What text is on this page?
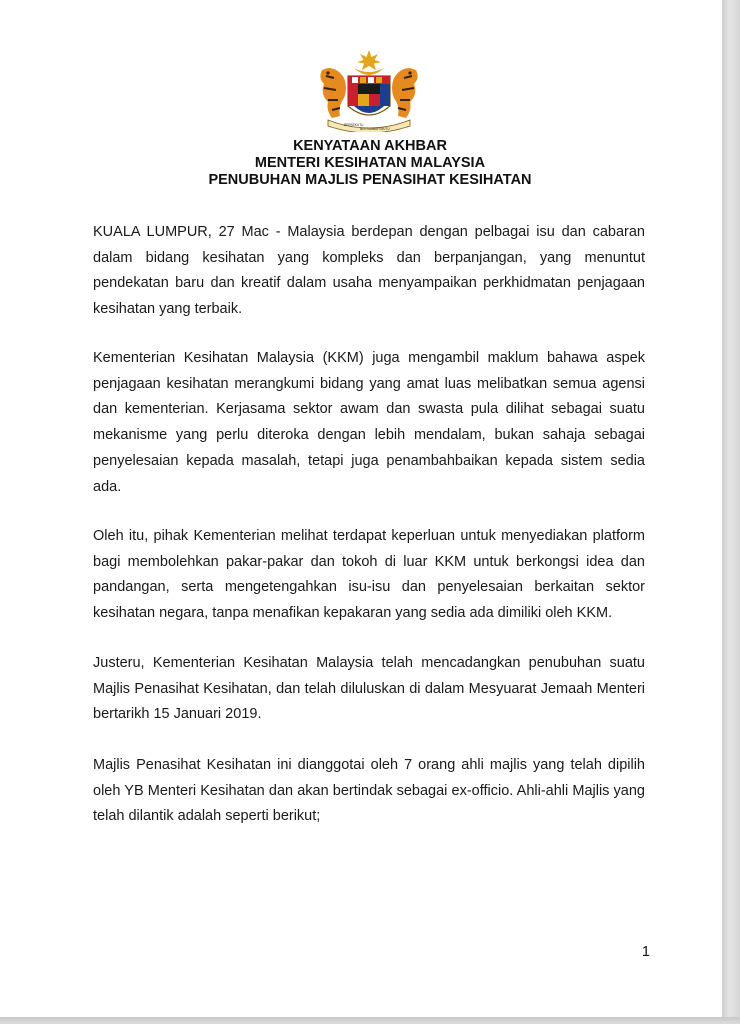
BERSEKUTU
BERTAMBAH MUTU

KENYATAAN AKHBAR

MENTERI KESIHATAN MALAYSIA

PENUBUHAN MAJLIS PENASIHAT KESIHATAN

KUALA LUMPUR, 27 Mac - Malaysia berdepan dengan pelbagai isu dan cabaran dalam bidang kesihatan yang kompleks dan berpanjangan, yang menuntut pendekatan baru dan kreatif dalam usaha menyampaikan perkhidmatan penjagaan kesihatan yang terbaik.

Kementerian Kesihatan Malaysia (KKM) juga mengambil maklum bahawa aspek penjagaan kesihatan merangkumi bidang yang amat luas melibatkan semua agensi dan kementerian. Kerjasama sektor awam dan swasta pula dilihat sebagai suatu mekanisme yang perlu diteroka dengan lebih mendalam, bukan sahaja sebagai penyelesaian kepada masalah, tetapi juga penambahbaikan kepada sistem sedia ada.

Oleh itu, pihak Kementerian melihat terdapat keperluan untuk menyediakan platform bagi membolehkan pakar-pakar dan tokoh di luar KKM untuk berkongsi idea dan pandangan, serta mengetengahkan isu-isu dan penyelesaian berkaitan sektor kesihatan negara, tanpa menafikan kepakaran yang sedia ada dimiliki oleh KKM.

Justeru, Kementerian Kesihatan Malaysia telah mencadangkan penubuhan suatu Majlis Penasihat Kesihatan, dan telah diluluskan di dalam Mesyuarat Jemaah Menteri bertarikh 15 Januari 2019.

Majlis Penasihat Kesihatan ini dianggotai oleh 7 orang ahli majlis yang telah dipilih oleh YB Menteri Kesihatan dan akan bertindak sebagai ex-officio. Ahli-ahli Majlis yang telah dilantik adalah seperti berikut;

1
